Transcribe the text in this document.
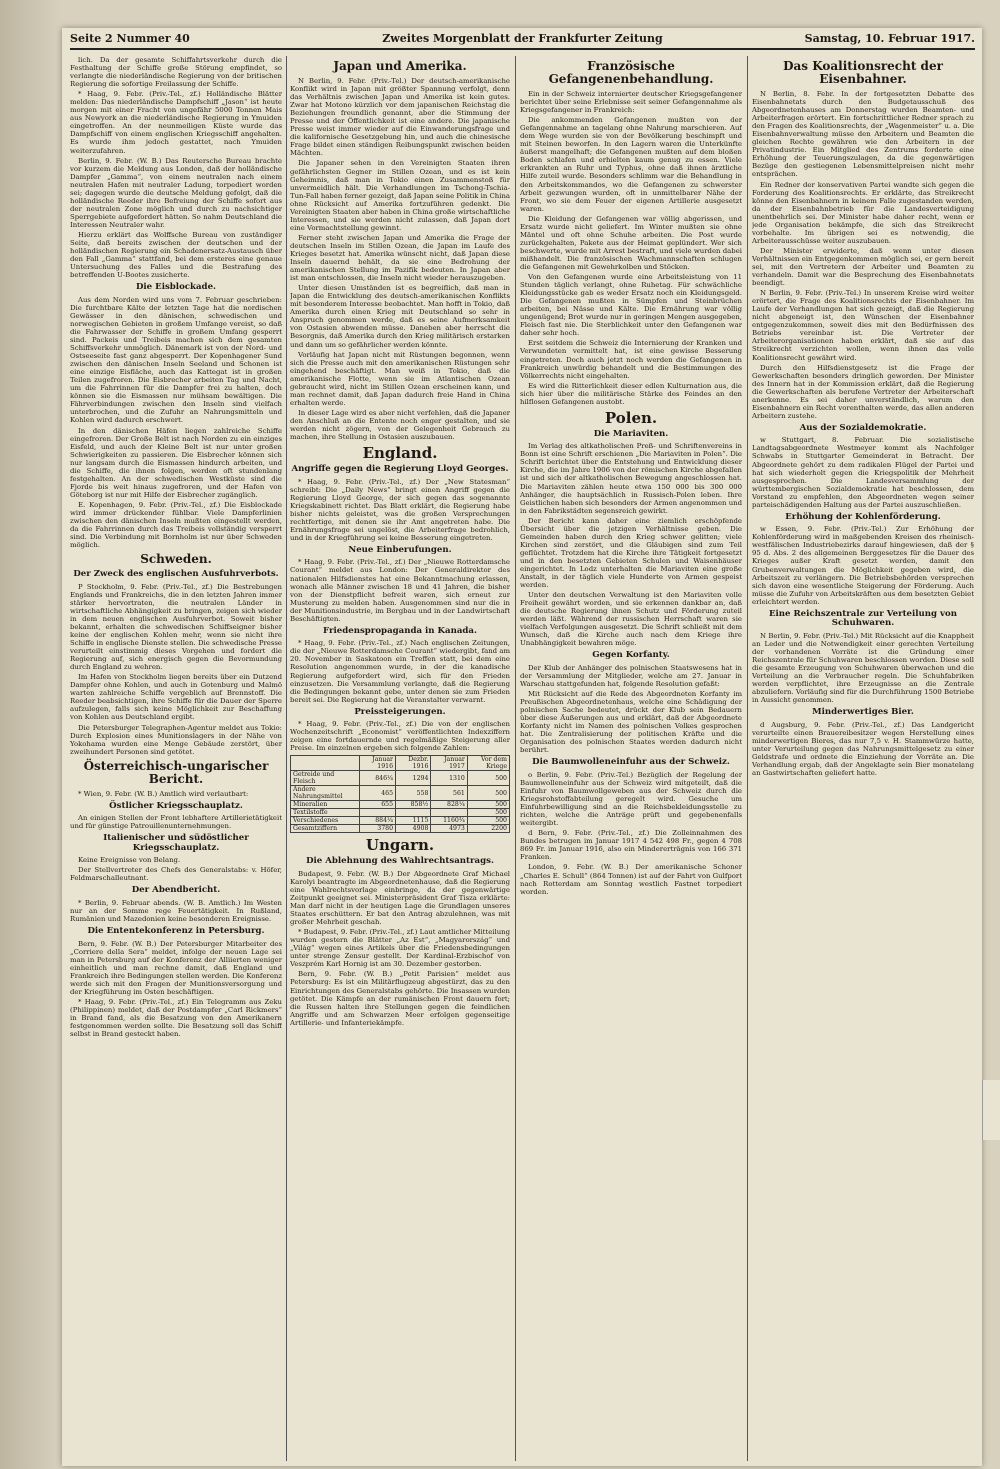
Seite 2 Nummer 40	Zweites Morgenblatt der Frankfurter Zeitung	Samstag, 10. Februar 1917.

lich. Da der gesamte Schiffahrtsverkehr durch die Festhaltung der Schiffe große Störung empfindet, so verlangte die niederländische Regierung von der britischen Regierung die sofortige Freilassung der Schiffe.

* Haag, 9. Febr. (Priv.-Tel., zf.) Holländische Blätter melden: Das niederländische Dampfschiff „Jason“ ist heute morgen mit einer Fracht von ungefähr 5000 Tonnen Mais aus Newyork an die niederländische Regierung in Ymuiden eingetroffen. An der neunmeiligen Küste wurde das Dampfschiff von einem englischen Kriegsschiff angehalten. Es wurde ihm jedoch gestattet, nach Ymuiden weiterzufahren.

Berlin, 9. Febr. (W. B.) Das Reutersche Bureau brachte vor kurzem die Meldung aus London, daß der holländische Dampfer „Gamma“, von einem neutralen nach einem neutralen Hafen mit neutraler Ladung, torpediert worden sei; dagegen wurde die deutsche Meldung gefolgt, daß die holländische Reeder ihre Befreiung der Schiffe sofort aus der neutralen Zone möglich und durch zu nachsichtiger Sperrgebiete aufgefordert hätten. So nahm Deutschland die Interessen Neutraler wahr.

Hierzu erklärt das Wolffsche Bureau von zuständiger Seite, daß bereits zwischen der deutschen und der holländischen Regierung ein Schadenersatz-Austausch über den Fall „Gamma“ stattfand, bei dem ersteres eine genaue Untersuchung des Falles und die Bestrafung des betreffenden U-Bootes zusicherte.

Die Eisblockade.

Aus dem Norden wird uns vom 7. Februar geschrieben: Die furchtbare Kälte der letzten Tage hat die nordischen Gewässer in den dänischen, schwedischen und norwegischen Gebieten in großem Umfange vereist, so daß die Fahrwasser der Schiffe in großem Umfang gesperrt sind. Packeis und Treibeis machen sich dem gesamten Schiffsverkehr unmöglich. Dänemark ist von der Nord- und Ostseeseite fast ganz abgesperrt. Der Kopenhagener Sund zwischen den dänischen Inseln Seeland und Schonen ist eine einzige Eisfläche, auch das Kattegat ist in großen Teilen zugefroren. Die Eisbrecher arbeiten Tag und Nacht, um die Fahrrinnen für die Dampfer frei zu halten, doch können sie die Eismassen nur mühsam bewältigen. Die Fährverbindungen zwischen den Inseln sind vielfach unterbrochen, und die Zufuhr an Nahrungsmitteln und Kohlen wird dadurch erschwert.

In den dänischen Häfen liegen zahlreiche Schiffe eingefroren. Der Große Belt ist nach Norden zu ein einziges Eisfeld, und auch der Kleine Belt ist nur unter großen Schwierigkeiten zu passieren. Die Eisbrecher können sich nur langsam durch die Eismassen hindurch arbeiten, und die Schiffe, die ihnen folgen, werden oft stundenlang festgehalten. An der schwedischen Westküste sind die Fjorde bis weit hinaus zugefroren, und der Hafen von Göteborg ist nur mit Hilfe der Eisbrecher zugänglich.

E. Kopenhagen, 9. Febr. (Priv.-Tel., zf.) Die Eisblockade wird immer drückender fühlbar. Viele Dampferlinien zwischen den dänischen Inseln mußten eingestellt werden, da die Fahrrinnen durch das Treibeis vollständig versperrt sind. Die Verbindung mit Bornholm ist nur über Schweden möglich.

Schweden.
Der Zweck des englischen Ausfuhrverbots.

P Stockholm, 9. Febr. (Priv.-Tel., zf.) Die Bestrebungen Englands und Frankreichs, die in den letzten Jahren immer stärker hervortraten, die neutralen Länder in wirtschaftliche Abhängigkeit zu bringen, zeigen sich wieder in dem neuen englischen Ausfuhrverbot. Soweit bisher bekannt, erhalten die schwedischen Schiffseigner bisher keine der englischen Kohlen mehr, wenn sie nicht ihre Schiffe in englische Dienste stellen. Die schwedische Presse verurteilt einstimmig dieses Vorgehen und fordert die Regierung auf, sich energisch gegen die Bevormundung durch England zu wehren.

Im Hafen von Stockholm liegen bereits über ein Dutzend Dampfer ohne Kohlen, und auch in Gotenburg und Malmö warten zahlreiche Schiffe vergeblich auf Brennstoff. Die Reeder beabsichtigen, ihre Schiffe für die Dauer der Sperre aufzulegen, falls sich keine Möglichkeit zur Beschaffung von Kohlen aus Deutschland ergibt.

Die Petersburger Telegraphen-Agentur meldet aus Tokio: Durch Explosion eines Munitionslagers in der Nähe von Yokohama wurden eine Menge Gebäude zerstört, über zweihundert Personen sind getötet.

Österreichisch-ungarischer Bericht.

* Wien, 9. Febr. (W. B.) Amtlich wird verlautbart:

Östlicher Kriegsschauplatz.

An einigen Stellen der Front lebhaftere Artillerietätigkeit und für günstige Patrouillenunternehmungen.

Italienischer und südöstlicher Kriegsschauplatz.

Keine Ereignisse von Belang.

Der Stellvertreter des Chefs des Generalstabs: v. Höfer, Feldmarschalleutnant.

Der Abendbericht.

* Berlin, 9. Februar abends. (W. B. Amtlich.) Im Westen nur an der Somme rege Feuertätigkeit. In Rußland, Rumänien und Mazedonien keine besonderen Ereignisse.

Die Ententekonferenz in Petersburg.

Bern, 9. Febr. (W. B.) Der Petersburger Mitarbeiter des „Corriere della Sera“ meldet, infolge der neuen Lage sei man in Petersburg auf der Konferenz der Alliierten weniger einheitlich und man rechne damit, daß England und Frankreich ihre Bedingungen stellen werden. Die Konferenz werde sich mit den Fragen der Munitionsversorgung und der Kriegführung im Osten beschäftigen.

* Haag, 9. Febr. (Priv.-Tel., zf.) Ein Telegramm aus Zeku (Philippinen) meldet, daß der Postdampfer „Carl Rickmers“ in Brand fand, als die Besatzung von den Amerikanern festgenommen werden sollte. Die Besatzung soll das Schiff selbst in Brand gesteckt haben.

Japan und Amerika.

N Berlin, 9. Febr. (Priv.-Tel.) Der deutsch-amerikanische Konflikt wird in Japan mit größter Spannung verfolgt, denn das Verhältnis zwischen Japan und Amerika ist kein gutes. Zwar hat Motono kürzlich vor dem japanischen Reichstag die Beziehungen freundlich genannt, aber die Stimmung der Presse und der Öffentlichkeit ist eine andere. Die japanische Presse weist immer wieder auf die Einwanderungsfrage und die kalifornische Gesetzgebung hin, und auch die chinesische Frage bildet einen ständigen Reibungspunkt zwischen beiden Mächten.

Die Japaner sehen in den Vereinigten Staaten ihren gefährlichsten Gegner im Stillen Ozean, und es ist kein Geheimnis, daß man in Tokio einen Zusammenstoß für unvermeidlich hält. Die Verhandlungen im Tschong-Tschia-Tun-Fall haben ferner gezeigt, daß Japan seine Politik in China ohne Rücksicht auf Amerika fortzuführen gedenkt. Die Vereinigten Staaten aber haben in China große wirtschaftliche Interessen, und sie werden nicht zulassen, daß Japan dort eine Vormachtstellung gewinnt.

Ferner steht zwischen Japan und Amerika die Frage der deutschen Inseln im Stillen Ozean, die Japan im Laufe des Krieges besetzt hat. Amerika wünscht nicht, daß Japan diese Inseln dauernd behält, da sie eine Bedrohung der amerikanischen Stellung im Pazifik bedeuten. In Japan aber ist man entschlossen, die Inseln nicht wieder herauszugeben.

Unter diesen Umständen ist es begreiflich, daß man in Japan die Entwicklung des deutsch-amerikanischen Konflikts mit besonderem Interesse beobachtet. Man hofft in Tokio, daß Amerika durch einen Krieg mit Deutschland so sehr in Anspruch genommen werde, daß es seine Aufmerksamkeit von Ostasien abwenden müsse. Daneben aber herrscht die Besorgnis, daß Amerika durch den Krieg militärisch erstarken und dann um so gefährlicher werden könnte.

Vorläufig hat Japan nicht mit Rüstungen begonnen, wenn sich die Presse auch mit den amerikanischen Rüstungen sehr eingehend beschäftigt. Man weiß in Tokio, daß die amerikanische Flotte, wenn sie im Atlantischen Ozean gebraucht wird, nicht im Stillen Ozean erscheinen kann, und man rechnet damit, daß Japan dadurch freie Hand in China erhalten werde.

In dieser Lage wird es aber nicht verfehlen, daß die Japaner den Anschluß an die Entente noch enger gestalten, und sie werden nicht zögern, von der Gelegenheit Gebrauch zu machen, ihre Stellung in Ostasien auszubauen.

England.
Angriffe gegen die Regierung Lloyd Georges.

* Haag, 9. Febr. (Priv.-Tel., zf.) Der „New Statesman“ schreibt: Die „Daily News“ bringt einen Angriff gegen die Regierung Lloyd George, der sich gegen das sogenannte Kriegskabinett richtet. Das Blatt erklärt, die Regierung habe bisher nichts geleistet, was die großen Versprechungen rechtfertige, mit denen sie ihr Amt angetreten habe. Die Ernährungsfrage sei ungelöst, die Arbeiterfrage bedrohlich, und in der Kriegführung sei keine Besserung eingetreten.

Neue Einberufungen.

* Haag, 9. Febr. (Priv.-Tel., zf.) Der „Nieuwe Rotterdamsche Courant“ meldet aus London: Der Generaldirektor des nationalen Hilfsdienstes hat eine Bekanntmachung erlassen, wonach alle Männer zwischen 18 und 41 Jahren, die bisher von der Dienstpflicht befreit waren, sich erneut zur Musterung zu melden haben. Ausgenommen sind nur die in der Munitionsindustrie, im Bergbau und in der Landwirtschaft Beschäftigten.

Friedenspropaganda in Kanada.

* Haag, 9. Febr. (Priv.-Tel., zf.) Nach englischen Zeitungen, die der „Nieuwe Rotterdamsche Courant“ wiedergibt, fand am 20. November in Saskatoon ein Treffen statt, bei dem eine Resolution angenommen wurde, in der die kanadische Regierung aufgefordert wird, sich für den Frieden einzusetzen. Die Versammlung verlangte, daß die Regierung die Bedingungen bekannt gebe, unter denen sie zum Frieden bereit sei. Die Regierung hat die Veranstalter verwarnt.

Preissteigerungen.

* Haag, 9. Febr. (Priv.-Tel., zf.) Die von der englischen Wochenzeitschrift „Economist“ veröffentlichten Indexziffern zeigen eine fortdauernde und regelmäßige Steigerung aller Preise. Im einzelnen ergeben sich folgende Zahlen:

	Januar 1916	Dezbr. 1916	Januar 1917	Vor dem Kriege
Getreide und Fleisch	846¼	1294	1310	500
Andere Nahrungsmittel	465	558	561	500
Mineralien	655	858½	828¼	500
Textilstoffe				500
Verschiedenes	884¼	1115	1160¾	500
Gesamtziffern	3780	4908	4973	2200
Ungarn.
Die Ablehnung des Wahlrechtsantrags.

Budapest, 9. Febr. (W. B.) Der Abgeordnete Graf Michael Karolyi beantragte im Abgeordnetenhause, daß die Regierung eine Wahlrechtsvorlage einbringe, da der gegenwärtige Zeitpunkt geeignet sei. Ministerpräsident Graf Tisza erklärte: Man darf nicht in der heutigen Lage die Grundlagen unseres Staates erschüttern. Er bat den Antrag abzulehnen, was mit großer Mehrheit geschah.

* Budapest, 9. Febr. (Priv.-Tel., zf.) Laut amtlicher Mitteilung wurden gestern die Blätter „Az Est“, „Magyarország“ und „Világ“ wegen eines Artikels über die Friedensbedingungen unter strenge Zensur gestellt. Der Kardinal-Erzbischof von Veszprém Karl Hornig ist am 30. Dezember gestorben.

Bern, 9. Febr. (W. B.) „Petit Parisien“ meldet aus Petersburg: Es ist ein Militärflugzeug abgestürzt, das zu den Einrichtungen des Generalstabs gehörte. Die Insassen wurden getötet. Die Kämpfe an der rumänischen Front dauern fort; die Russen halten ihre Stellungen gegen die feindlichen Angriffe und am Schwarzen Meer erfolgen gegenseitige Artillerie- und Infanteriekämpfe.

Französische Gefangenenbehandlung.

Ein in der Schweiz internierter deutscher Kriegsgefangener berichtet über seine Erlebnisse seit seiner Gefangennahme als Kriegsgefangener in Frankreich:

Die ankommenden Gefangenen mußten von der Gefangennahme an tagelang ohne Nahrung marschieren. Auf dem Wege wurden sie von der Bevölkerung beschimpft und mit Steinen beworfen. In den Lagern waren die Unterkünfte äußerst mangelhaft; die Gefangenen mußten auf dem bloßen Boden schlafen und erhielten kaum genug zu essen. Viele erkrankten an Ruhr und Typhus, ohne daß ihnen ärztliche Hilfe zuteil wurde. Besonders schlimm war die Behandlung in den Arbeitskommandos, wo die Gefangenen zu schwerster Arbeit gezwungen wurden, oft in unmittelbarer Nähe der Front, wo sie dem Feuer der eigenen Artillerie ausgesetzt waren.

Die Kleidung der Gefangenen war völlig abgerissen, und Ersatz wurde nicht geliefert. Im Winter mußten sie ohne Mäntel und oft ohne Schuhe arbeiten. Die Post wurde zurückgehalten, Pakete aus der Heimat geplündert. Wer sich beschwerte, wurde mit Arrest bestraft, und viele wurden dabei mißhandelt. Die französischen Wachmannschaften schlugen die Gefangenen mit Gewehrkolben und Stöcken.

Von den Gefangenen wurde eine Arbeitsleistung von 11 Stunden täglich verlangt, ohne Ruhetag. Für schwächliche Kleidungsstücke gab es weder Ersatz noch ein Kleidungsgeld. Die Gefangenen mußten in Sümpfen und Steinbrüchen arbeiten, bei Nässe und Kälte. Die Ernährung war völlig ungenügend; Brot wurde nur in geringen Mengen ausgegeben, Fleisch fast nie. Die Sterblichkeit unter den Gefangenen war daher sehr hoch.

Erst seitdem die Schweiz die Internierung der Kranken und Verwundeten vermittelt hat, ist eine gewisse Besserung eingetreten. Doch auch jetzt noch werden die Gefangenen in Frankreich unwürdig behandelt und die Bestimmungen des Völkerrechts nicht eingehalten.

Es wird die Ritterlichkeit dieser edlen Kulturnation aus, die sich hier über die militärische Stärke des Feindes an den hilflosen Gefangenen austobt.

Polen.
Die Mariaviten.

Im Verlag des altkatholischen Preß- und Schriftenvereins in Bonn ist eine Schrift erschienen „Die Mariaviten in Polen“. Die Schrift berichtet über die Entstehung und Entwicklung dieser Kirche, die im Jahre 1906 von der römischen Kirche abgefallen ist und sich der altkatholischen Bewegung angeschlossen hat. Die Mariaviten zählen heute etwa 150 000 bis 300 000 Anhänger, die hauptsächlich in Russisch-Polen leben. Ihre Geistlichen haben sich besonders der Armen angenommen und in den Fabrikstädten segensreich gewirkt.

Der Bericht kann daher eine ziemlich erschöpfende Übersicht über die jetzigen Verhältnisse geben. Die Gemeinden haben durch den Krieg schwer gelitten; viele Kirchen sind zerstört, und die Gläubigen sind zum Teil geflüchtet. Trotzdem hat die Kirche ihre Tätigkeit fortgesetzt und in den besetzten Gebieten Schulen und Waisenhäuser eingerichtet. In Lodz unterhalten die Mariaviten eine große Anstalt, in der täglich viele Hunderte von Armen gespeist werden.

Unter den deutschen Verwaltung ist den Mariaviten volle Freiheit gewährt worden, und sie erkennen dankbar an, daß die deutsche Regierung ihnen Schutz und Förderung zuteil werden läßt. Während der russischen Herrschaft waren sie vielfach Verfolgungen ausgesetzt. Die Schrift schließt mit dem Wunsch, daß die Kirche auch nach dem Kriege ihre Unabhängigkeit bewahren möge.

Gegen Korfanty.

Der Klub der Anhänger des polnischen Staatswesens hat in der Versammlung der Mitglieder, welche am 27. Januar in Warschau stattgefunden hat, folgende Resolution gefaßt:

Mit Rücksicht auf die Rede des Abgeordneten Korfanty im Preußischen Abgeordnetenhaus, welche eine Schädigung der polnischen Sache bedeutet, drückt der Klub sein Bedauern über diese Äußerungen aus und erklärt, daß der Abgeordnete Korfanty nicht im Namen des polnischen Volkes gesprochen hat. Die Zentralisierung der politischen Kräfte und die Organisation des polnischen Staates werden dadurch nicht berührt.

Die Baumwolleneinfuhr aus der Schweiz.

o Berlin, 9. Febr. (Priv.-Tel.) Bezüglich der Regelung der Baumwolleneinfuhr aus der Schweiz wird mitgeteilt, daß die Einfuhr von Baumwollgeweben aus der Schweiz durch die Kriegsrohstoffabteilung geregelt wird. Gesuche um Einfuhrbewilligung sind an die Reichsbekleidungsstelle zu richten, welche die Anträge prüft und gegebenenfalls weitergibt.

d Bern, 9. Febr. (Priv.-Tel., zf.) Die Zolleinnahmen des Bundes betrugen im Januar 1917 4 542 498 Fr., gegen 4 708 869 Fr. im Januar 1916, also ein Mindererträgnis von 166 371 Franken.

London, 9. Febr. (W. B.) Der amerikanische Schoner „Charles E. Schull“ (864 Tonnen) ist auf der Fahrt von Gulfport nach Rotterdam am Sonntag westlich Fastnet torpediert worden.

Das Koalitionsrecht der Eisenbahner.

N Berlin, 8. Febr. In der fortgesetzten Debatte des Eisenbahnetats durch den Budgetausschuß des Abgeordnetenhauses am Donnerstag wurden Beamten- und Arbeiterfragen erörtert. Ein fortschrittlicher Redner sprach zu den Fragen des Koalitionsrechts, der „Wagenmeister“ u. a. Die Eisenbahnverwaltung müsse den Arbeitern und Beamten die gleichen Rechte gewähren wie den Arbeitern in der Privatindustrie. Ein Mitglied des Zentrums forderte eine Erhöhung der Teuerungszulagen, da die gegenwärtigen Bezüge den gestiegenen Lebensmittelpreisen nicht mehr entsprächen.

Ein Redner der konservativen Partei wandte sich gegen die Forderung des Koalitionsrechts. Er erklärte, das Streikrecht könne den Eisenbahnern in keinem Falle zugestanden werden, da der Eisenbahnbetrieb für die Landesverteidigung unentbehrlich sei. Der Minister habe daher recht, wenn er jede Organisation bekämpfe, die sich das Streikrecht vorbehalte. Im übrigen sei es notwendig, die Arbeiterausschüsse weiter auszubauen.

Der Minister erwiderte, daß wenn unter diesen Verhältnissen ein Entgegenkommen möglich sei, er gern bereit sei, mit den Vertretern der Arbeiter und Beamten zu verhandeln. Damit war die Besprechung des Eisenbahnetats beendigt.

N Berlin, 9. Febr. (Priv.-Tel.) In unserem Kreise wird weiter erörtert, die Frage des Koalitionsrechts der Eisenbahner. Im Laufe der Verhandlungen hat sich gezeigt, daß die Regierung nicht abgeneigt ist, den Wünschen der Eisenbahner entgegenzukommen, soweit dies mit den Bedürfnissen des Betriebs vereinbar ist. Die Vertreter der Arbeiterorganisationen haben erklärt, daß sie auf das Streikrecht verzichten wollen, wenn ihnen das volle Koalitionsrecht gewährt wird.

Durch den Hilfsdienstgesetz ist die Frage der Gewerkschaften besonders dringlich geworden. Der Minister des Innern hat in der Kommission erklärt, daß die Regierung die Gewerkschaften als berufene Vertreter der Arbeiterschaft anerkenne. Es sei daher unverständlich, warum den Eisenbahnern ein Recht vorenthalten werde, das allen anderen Arbeitern zustehe.

Aus der Sozialdemokratie.

w Stuttgart, 8. Februar. Die sozialistische Landtagsabgeordnete Westmeyer kommt als Nachfolger Schwabs in Stuttgarter Gemeinderat in Betracht. Der Abgeordnete gehört zu dem radikalen Flügel der Partei und hat sich wiederholt gegen die Kriegspolitik der Mehrheit ausgesprochen. Die Landesversammlung der württembergischen Sozialdemokratie hat beschlossen, dem Vorstand zu empfehlen, den Abgeordneten wegen seiner parteischädigenden Haltung aus der Partei auszuschließen.

Erhöhung der Kohlenförderung.

w Essen, 9. Febr. (Priv.-Tel.) Zur Erhöhung der Kohlenförderung wird in maßgebenden Kreisen des rheinisch-westfälischen Industriebezirks darauf hingewiesen, daß der § 95 d. Abs. 2 des allgemeinen Berggesetzes für die Dauer des Krieges außer Kraft gesetzt werden, damit den Grubenverwaltungen die Möglichkeit gegeben wird, die Arbeitszeit zu verlängern. Die Betriebsbehörden versprechen sich davon eine wesentliche Steigerung der Förderung. Auch müsse die Zufuhr von Arbeitskräften aus dem besetzten Gebiet erleichtert werden.

Eine Reichszentrale zur Verteilung von Schuhwaren.

N Berlin, 9. Febr. (Priv.-Tel.) Mit Rücksicht auf die Knappheit an Leder und die Notwendigkeit einer gerechten Verteilung der vorhandenen Vorräte ist die Gründung einer Reichszentrale für Schuhwaren beschlossen worden. Diese soll die gesamte Erzeugung von Schuhwaren überwachen und die Verteilung an die Verbraucher regeln. Die Schuhfabriken werden verpflichtet, ihre Erzeugnisse an die Zentrale abzuliefern. Vorläufig sind für die Durchführung 1500 Betriebe in Aussicht genommen.

Minderwertiges Bier.

d Augsburg, 9. Febr. (Priv.-Tel., zf.) Das Landgericht verurteilte einen Brauereibesitzer wegen Herstellung eines minderwertigen Bieres, das nur 7,5 v. H. Stammwürze hatte, unter Verurteilung gegen das Nahrungsmittelgesetz zu einer Geldstrafe und ordnete die Einziehung der Vorräte an. Die Verhandlung ergab, daß der Angeklagte sein Bier monatelang an Gastwirtschaften geliefert hatte.
